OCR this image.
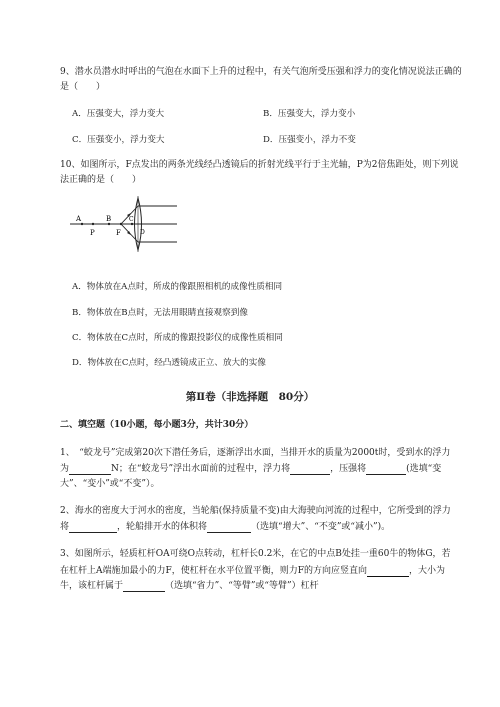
9、潜水员潜水时呼出的气泡在水面下上升的过程中，有关气泡所受压强和浮力的变化情况说法正确的
是（　　）
A．压强变大，浮力变大	B．压强变大，浮力变小
C．压强变小，浮力变大	D．压强变小，浮力不变
10、如图所示，F点发出的两条光线经凸透镜后的折射光线平行于主光轴，P为2倍焦距处，则下列说
法正确的是（　　）
A
P
B
F
C
D
A．物体放在A点时，所成的像跟照相机的成像性质相同
B．物体放在B点时，无法用眼睛直接观察到像
C．物体放在C点时，所成的像跟投影仪的成像性质相同
D．物体放在C点时，经凸透镜成正立、放大的实像
第Ⅱ卷（非选择题　80分）
二、填空题（10小题，每小题3分，共计30分）
1、　“蛟龙号”完成第20次下潜任务后，逐渐浮出水面，当排开水的质量为2000t时，受到水的浮力
为	N；在“蛟龙号”浮出水面前的过程中，浮力将	，压强将	(选填“变
大”、“变小”或“不变”）。
2、海水的密度大于河水的密度，当轮船(保持质量不变)由大海驶向河流的过程中，它所受到的浮力
将	，轮船排开水的体积将	（选填“增大”、“不变”或“减小”)。
3、如图所示，轻质杠杆OA可绕O点转动，杠杆长0.2米，在它的中点B处挂一重60牛的物体G，若
在杠杆上A端施加最小的力F，使杠杆在水平位置平衡，则力F的方向应竖直向	，大小为
牛，该杠杆属于	（选填“省力”、“等臂”或“等臂”）杠杆
